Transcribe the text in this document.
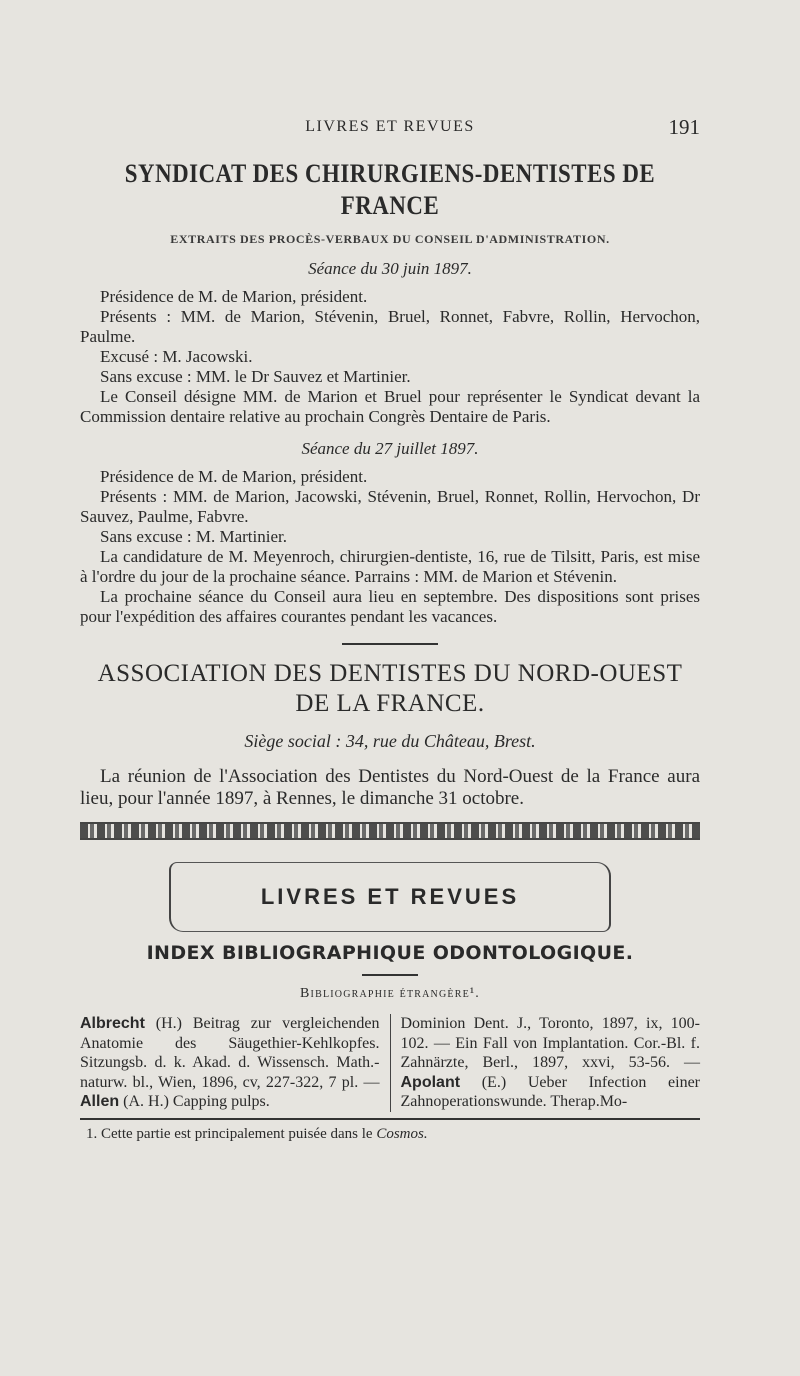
LIVRES ET REVUES	191
SYNDICAT DES CHIRURGIENS-DENTISTES DE FRANCE
EXTRAITS DES PROCÈS-VERBAUX DU CONSEIL D'ADMINISTRATION.
Séance du 30 juin 1897.

Présidence de M. de Marion, président.

Présents : MM. de Marion, Stévenin, Bruel, Ronnet, Fabvre, Rollin, Hervochon, Paulme.

Excusé : M. Jacowski.

Sans excuse : MM. le Dr Sauvez et Martinier.

Le Conseil désigne MM. de Marion et Bruel pour représenter le Syndicat devant la Commission dentaire relative au prochain Congrès Dentaire de Paris.

Séance du 27 juillet 1897.

Présidence de M. de Marion, président.

Présents : MM. de Marion, Jacowski, Stévenin, Bruel, Ronnet, Rollin, Hervochon, Dr Sauvez, Paulme, Fabvre.

Sans excuse : M. Martinier.

La candidature de M. Meyenroch, chirurgien-dentiste, 16, rue de Tilsitt, Paris, est mise à l'ordre du jour de la prochaine séance. Parrains : MM. de Marion et Stévenin.

La prochaine séance du Conseil aura lieu en septembre. Des dispositions sont prises pour l'expédition des affaires courantes pendant les vacances.

ASSOCIATION DES DENTISTES DU NORD-OUEST DE LA FRANCE.
Siège social : 34, rue du Château, Brest.

La réunion de l'Association des Dentistes du Nord-Ouest de la France aura lieu, pour l'année 1897, à Rennes, le dimanche 31 octobre.

LIVRES ET REVUES
INDEX BIBLIOGRAPHIQUE ODONTOLOGIQUE.
Bibliographie étrangère¹.
Albrecht (H.) Beitrag zur vergleichenden Anatomie des Säugethier-Kehlkopfes. Sitzungsb. d. k. Akad. d. Wissensch. Math.-naturw. bl., Wien, 1896, cv, 227-322, 7 pl. — Allen (A. H.) Capping pulps.
Dominion Dent. J., Toronto, 1897, ix, 100-102. — Ein Fall von Implantation. Cor.-Bl. f. Zahnärzte, Berl., 1897, xxvi, 53-56. — Apolant (E.) Ueber Infection einer Zahnoperationswunde. Therap.Mo-
1. Cette partie est principalement puisée dans le Cosmos.
